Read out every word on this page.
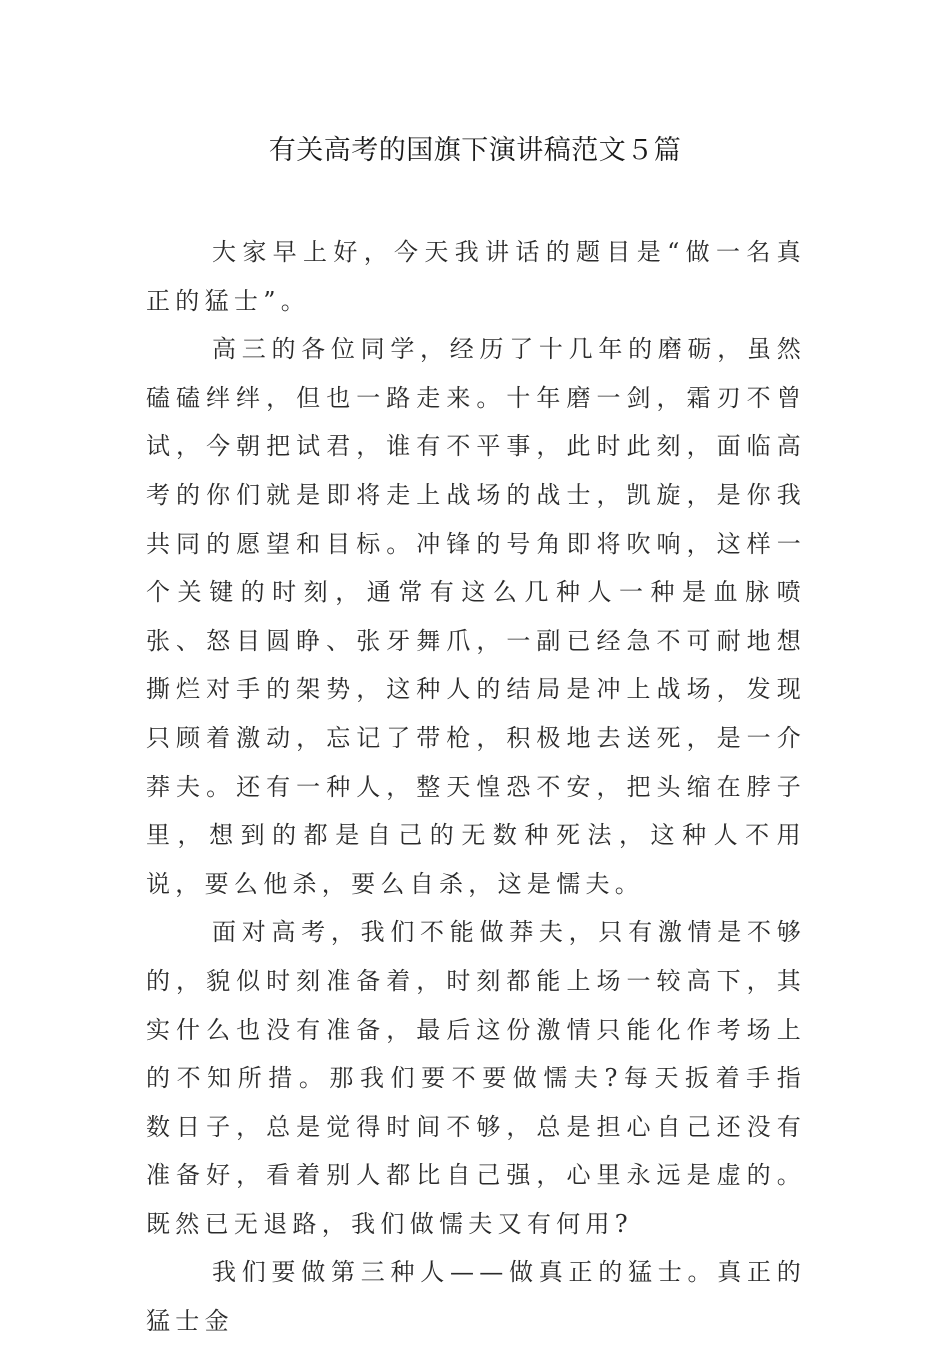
有关高考的国旗下演讲稿范文５篇

大家早上好，今天我讲话的题目是“做一名真正的猛士”。

高三的各位同学，经历了十几年的磨砺，虽然磕磕绊绊，但也一路走来。十年磨一剑，霜刃不曾试，今朝把试君，谁有不平事，此时此刻，面临高考的你们就是即将走上战场的战士，凯旋，是你我共同的愿望和目标。冲锋的号角即将吹响，这样一个关键的时刻，通常有这么几种人一种是血脉喷张、怒目圆睁、张牙舞爪，一副已经急不可耐地想撕烂对手的架势，这种人的结局是冲上战场，发现只顾着激动，忘记了带枪，积极地去送死，是一介莽夫。还有一种人，整天惶恐不安，把头缩在脖子里，想到的都是自己的无数种死法，这种人不用说，要么他杀，要么自杀，这是懦夫。

面对高考，我们不能做莽夫，只有激情是不够的，貌似时刻准备着，时刻都能上场一较高下，其实什么也没有准备，最后这份激情只能化作考场上的不知所措。那我们要不要做懦夫?每天扳着手指数日子，总是觉得时间不够，总是担心自己还没有准备好，看着别人都比自己强，心里永远是虚的。既然已无退路，我们做懦夫又有何用?

我们要做第三种人——做真正的猛士。真正的猛士金
